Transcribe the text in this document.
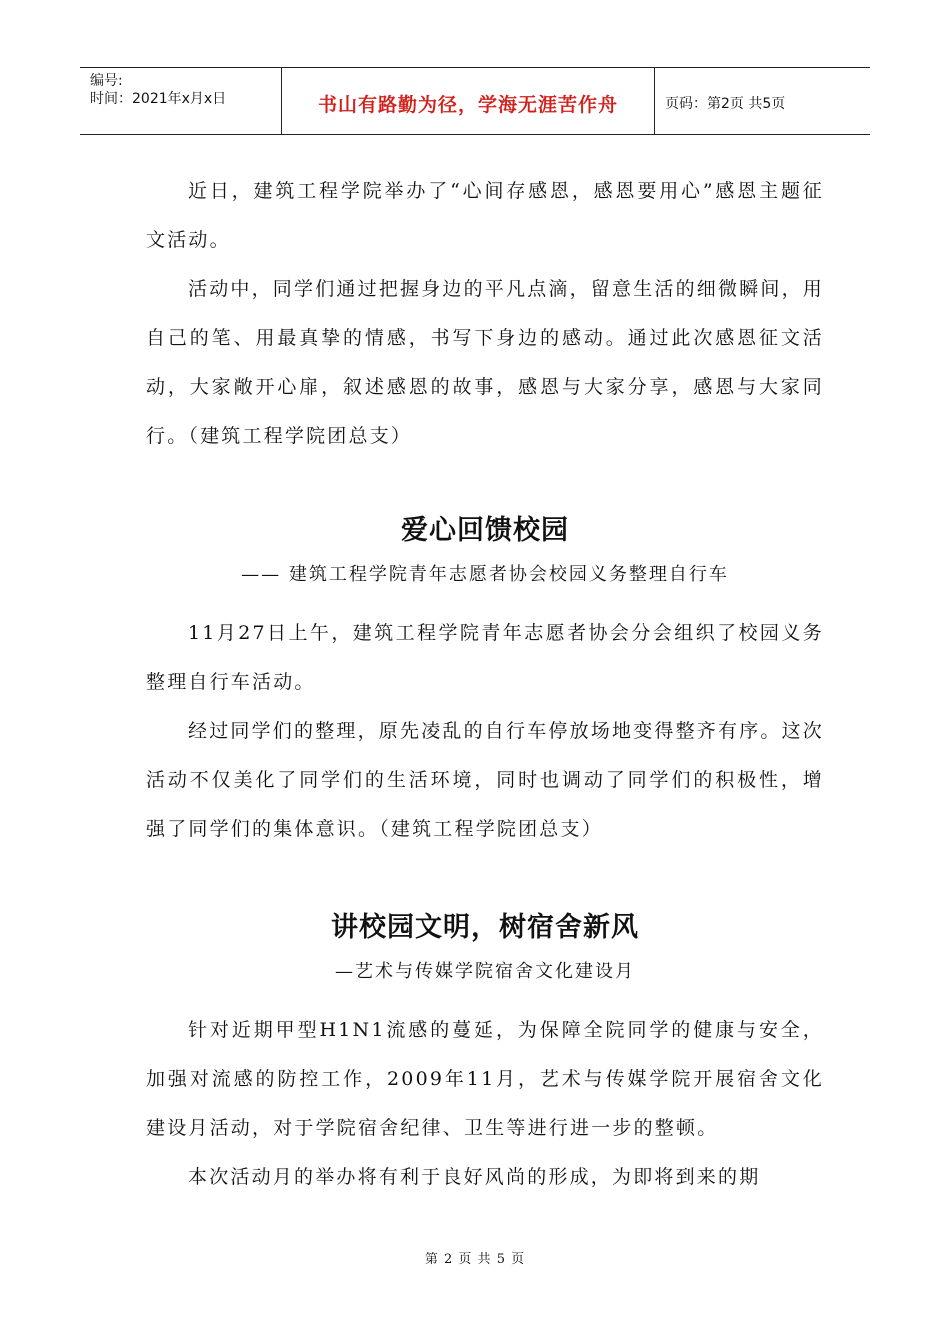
编号:
时间：2021年x月x日	书山有路勤为径，学海无涯苦作舟	页码：第2页 共5页

近日，建筑工程学院举办了“心间存感恩，感恩要用心”感恩主题征文活动。

活动中，同学们通过把握身边的平凡点滴，留意生活的细微瞬间，用自己的笔、用最真挚的情感，书写下身边的感动。通过此次感恩征文活动，大家敞开心扉，叙述感恩的故事，感恩与大家分享，感恩与大家同行。（建筑工程学院团总支）

爱心回馈校园

—— 建筑工程学院青年志愿者协会校园义务整理自行车

11月27日上午，建筑工程学院青年志愿者协会分会组织了校园义务整理自行车活动。

经过同学们的整理，原先凌乱的自行车停放场地变得整齐有序。这次活动不仅美化了同学们的生活环境，同时也调动了同学们的积极性，增强了同学们的集体意识。（建筑工程学院团总支）

讲校园文明，树宿舍新风

—艺术与传媒学院宿舍文化建设月

针对近期甲型H1N1流感的蔓延，为保障全院同学的健康与安全，加强对流感的防控工作，2009年11月，艺术与传媒学院开展宿舍文化建设月活动，对于学院宿舍纪律、卫生等进行进一步的整顿。

本次活动月的举办将有利于良好风尚的形成，为即将到来的期

第 2 页 共 5 页
